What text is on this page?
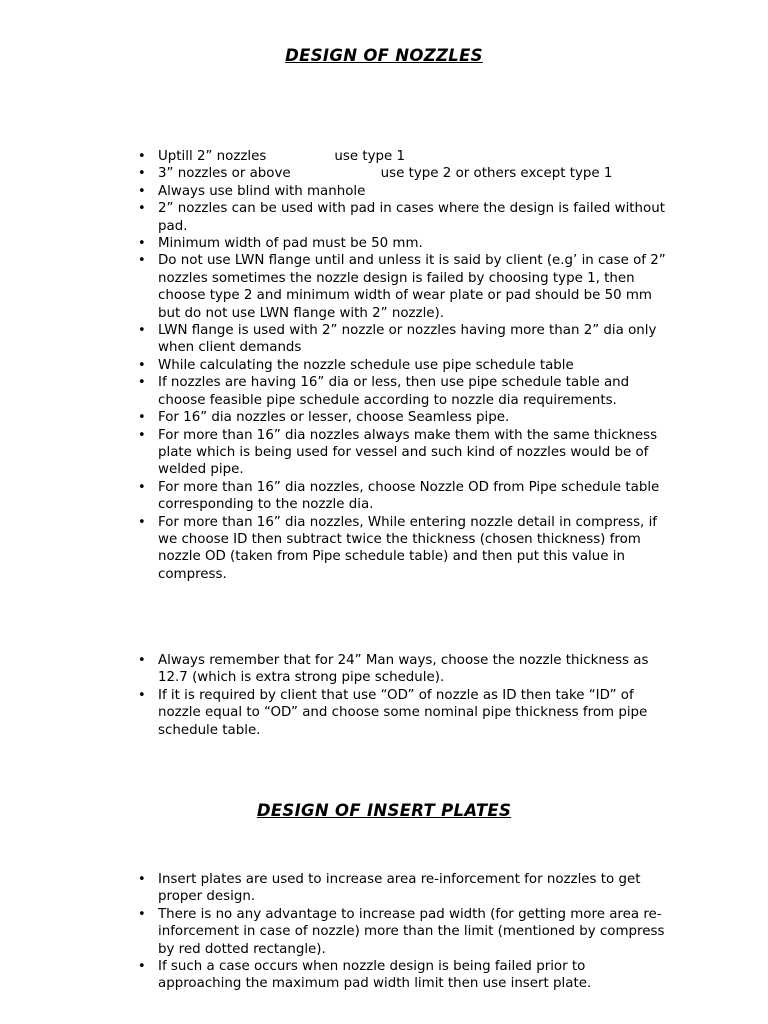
DESIGN OF NOZZLES
• Uptill 2” nozzles	use type 1
• 3” nozzles or above	use type 2 or others except type 1
• Always use blind with manhole
• 2” nozzles can be used with pad in cases where the design is failed without pad.
• Minimum width of pad must be 50 mm.
• Do not use LWN flange until and unless it is said by client (e.g’ in case of 2” nozzles sometimes the nozzle design is failed by choosing type 1, then choose type 2 and minimum width of wear plate or pad should be 50 mm but do not use LWN flange with 2” nozzle).
• LWN flange is used with 2” nozzle or nozzles having more than 2” dia only when client demands
• While calculating the nozzle schedule use pipe schedule table
• If nozzles are having 16” dia or less, then use pipe schedule table and choose feasible pipe schedule according to nozzle dia requirements.
• For 16” dia nozzles or lesser, choose Seamless pipe.
• For more than 16” dia nozzles always make them with the same thickness plate which is being used for vessel and such kind of nozzles would be of welded pipe.
• For more than 16” dia nozzles, choose Nozzle OD from Pipe schedule table corresponding to the nozzle dia.
• For more than 16” dia nozzles, While entering nozzle detail in compress, if we choose ID then subtract twice the thickness (chosen thickness) from nozzle OD (taken from Pipe schedule table) and then put this value in compress.
• Always remember that for 24” Man ways, choose the nozzle thickness as 12.7 (which is extra strong pipe schedule).
• If it is required by client that use “OD” of nozzle as ID then take “ID” of nozzle equal to “OD” and choose some nominal pipe thickness from pipe schedule table.
DESIGN OF INSERT PLATES
• Insert plates are used to increase area re-inforcement for nozzles to get proper design.
• There is no any advantage to increase pad width (for getting more area re-inforcement in case of nozzle) more than the limit (mentioned by compress by red dotted rectangle).
• If such a case occurs when nozzle design is being failed prior to approaching the maximum pad width limit then use insert plate.
